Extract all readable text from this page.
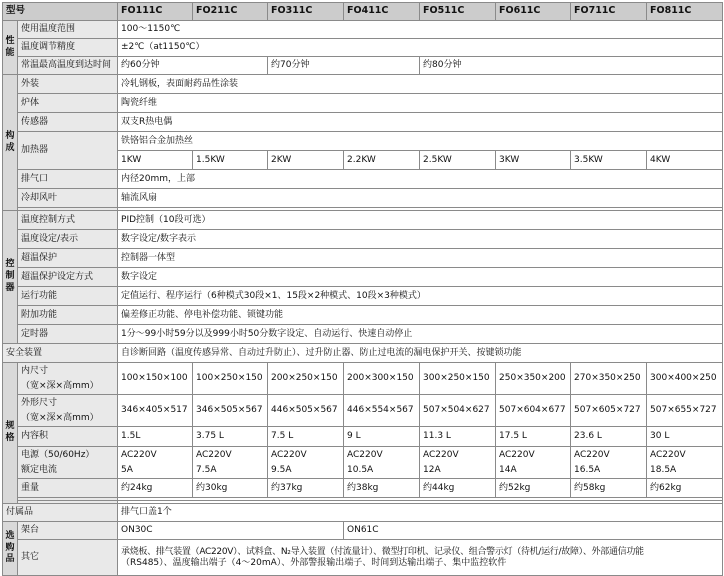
型号		FO111C	FO211C	FO311C	FO411C	FO511C	FO611C	FO711C	FO811C

性
能	使用温度范围	100～1150℃							
	温度调节精度	±2℃（at1150℃）							
	常温最高温度到达时间	约60分钟		约70分钟		约80分钟			

构
成	外装	冷轧钢板，表面耐药品性涂装							
	炉体	陶瓷纤维							
	传感器	双支R热电偶							
	加热器	铁铬铝合金加热丝							
		1KW	1.5KW	2KW	2.2KW	2.5KW	3KW	3.5KW	4KW
	排气口	内径20mm，上部							
	冷却风叶	轴流风扇							

控
制
器	温度控制方式	PID控制（10段可选）							
	温度设定/表示	数字设定/数字表示							
	超温保护	控制器一体型							
	超温保护设定方式	数字设定							
	运行功能	定值运行、程序运行（6种模式30段×1、15段×2种模式、10段×3种模式）							
	附加功能	偏差修正功能、停电补偿功能、锁键功能							
	定时器	1分～99小时59分以及999小时50分数字设定、自动运行、快速自动停止							
安全装置		自诊断回路（温度传感异常、自动过升防止）、过升防止器、防止过电流的漏电保护开关、按键锁功能							

规
格	内尺寸	100×150×100	100×250×150	200×250×150	200×300×150	300×250×150	250×350×200	270×350×250	300×400×250
	（宽×深×高mm）								
	外形尺寸	346×405×517	346×505×567	446×505×567	446×554×567	507×504×627	507×604×677	507×605×727	507×655×727
	（宽×深×高mm）								
	内容积	1.5L	3.75 L	7.5 L	9 L	11.3 L	17.5 L	23.6 L	30 L
	电源（50/60Hz）	AC220V	AC220V	AC220V	AC220V	AC220V	AC220V	AC220V	AC220V
	额定电流	5A	7.5A	9.5A	10.5A	12A	14A	16.5A	18.5A
	重量	约24kg	约30kg	约37kg	约38kg	约44kg	约52kg	约58kg	约62kg

付属品		排气口盖1个							

选
购
品	架台	ON30C			ON61C				
	其它	承烧板、排气装置（AC220V）、试料盒、N₂导入装置（付流量计）、微型打印机、记录仪、组合警示灯（待机/运行/故障）、外部通信功能
（RS485）、温度输出端子（4～20mA）、外部警报输出端子、时间到达输出端子、集中监控软件							
